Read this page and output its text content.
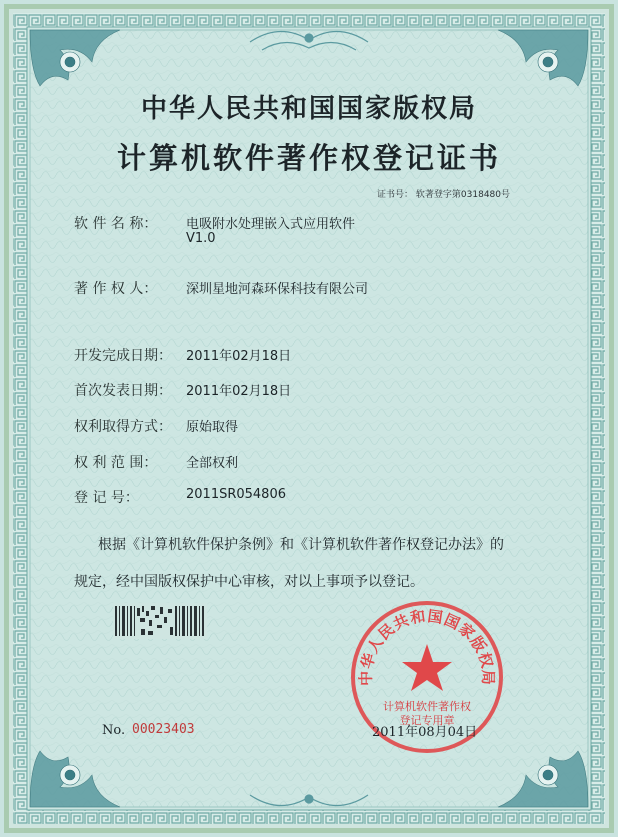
中华人民共和国国家版权局
计算机软件著作权登记证书
证书号： 软著登字第0318480号
软 件 名 称： 电吸附水处理嵌入式应用软件
V1.0
著 作 权 人： 深圳星地河森环保科技有限公司
开发完成日期： 2011年02月18日
首次发表日期： 2011年02月18日
权利取得方式： 原始取得
权 利 范 围： 全部权利
登 记 号：	2011SR054806
根据《计算机软件保护条例》和《计算机软件著作权登记办法》的
规定，经中国版权保护中心审核，对以上事项予以登记。
中华人民共和国国家版权局
计算机软件著作权
登记专用章
No. 00023403	2011年08月04日
